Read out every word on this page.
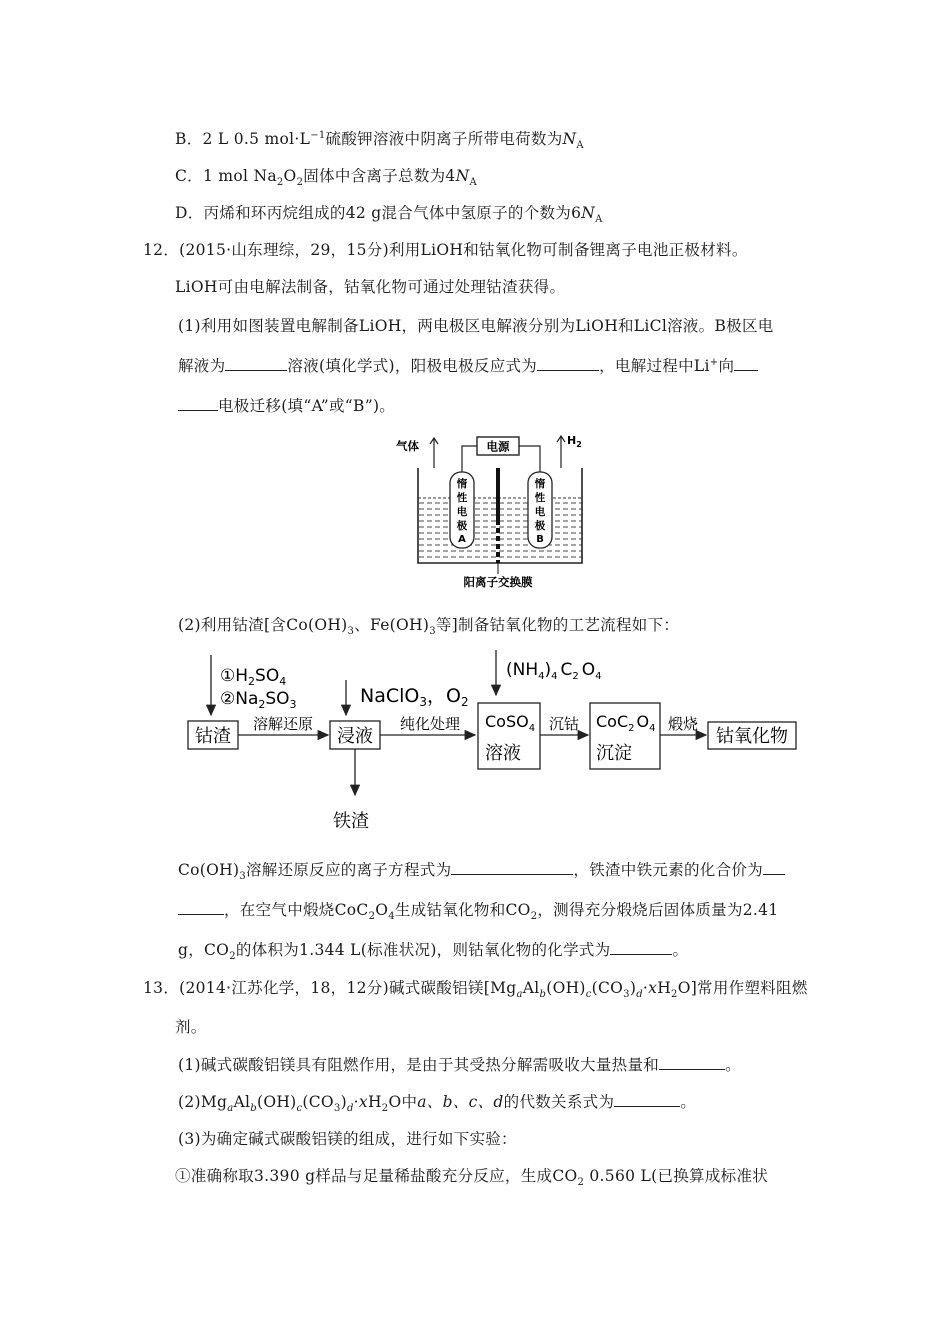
B．2 L 0.5 $mol\cdot L^{-1}$硫酸钾溶液中阴离子所带电荷数为$N_A$
C．1 mol $Na_2O_2$固体中含离子总数为$4N_A$
D．丙烯和环丙烷组成的42 g混合气体中氢原子的个数为$6N_A$
12．(2015·山东理综，29，15分)利用LiOH和钴氧化物可制备锂离子电池正极材料。
LiOH可由电解法制备，钴氧化物可通过处理钴渣获得。
(1)利用如图装置电解制备LiOH，两电极区电解液分别为LiOH和LiCl溶液。B极区电
解液为	溶液(填化学式)，阳极电极反应式为	，电解过程中Li+向
电极迁移(填“A”或“B”)。
电源
气体	$H_2$
惰
性
电
极
A
惰
性
电
极
B
阳离子交换膜
(2)利用钴渣[含$Co(OH)_3$、$Fe(OH)_3$等]制备钴氧化物的工艺流程如下：
$①H_2SO_4$
$②Na_2SO_3$
钴渣
溶解还原
NaClO$_3$，$O_2$
浸液
铁渣
纯化处理
$(NH_4)_4$ $C_2$ $O_4$
CoSO$_4$
溶液
沉钴 CoC$_2$ $O_4$
沉淀
煅烧
钴氧化物
$Co(OH)_3$溶解还原反应的离子方程式为	，铁渣中铁元素的化合价为
，在空气中煅烧$CoC_2O_4$生成钴氧化物和$CO_2$，测得充分煅烧后固体质量为2.41
g，$CO_2$的体积为1.344 L(标准状况)，则钴氧化物的化学式为	。
13．(2014·江苏化学，18，12分)碱式碳酸铝镁$[Mg_aAl_b(OH)_c(CO_3)_d\cdot xH_2O]$常用作塑料阻燃
剂。
(1)碱式碳酸铝镁具有阻燃作用，是由于其受热分解需吸收大量热量和	。
$(2)Mg_aAl_b(OH)_c(CO_3)_d\cdot xH_2O$中a、b、c、d的代数关系式为	。
(3)为确定碱式碳酸铝镁的组成，进行如下实验：
①准确称取3.390 g样品与足量稀盐酸充分反应，生成$CO_2$ 0.560 L(已换算成标准状
